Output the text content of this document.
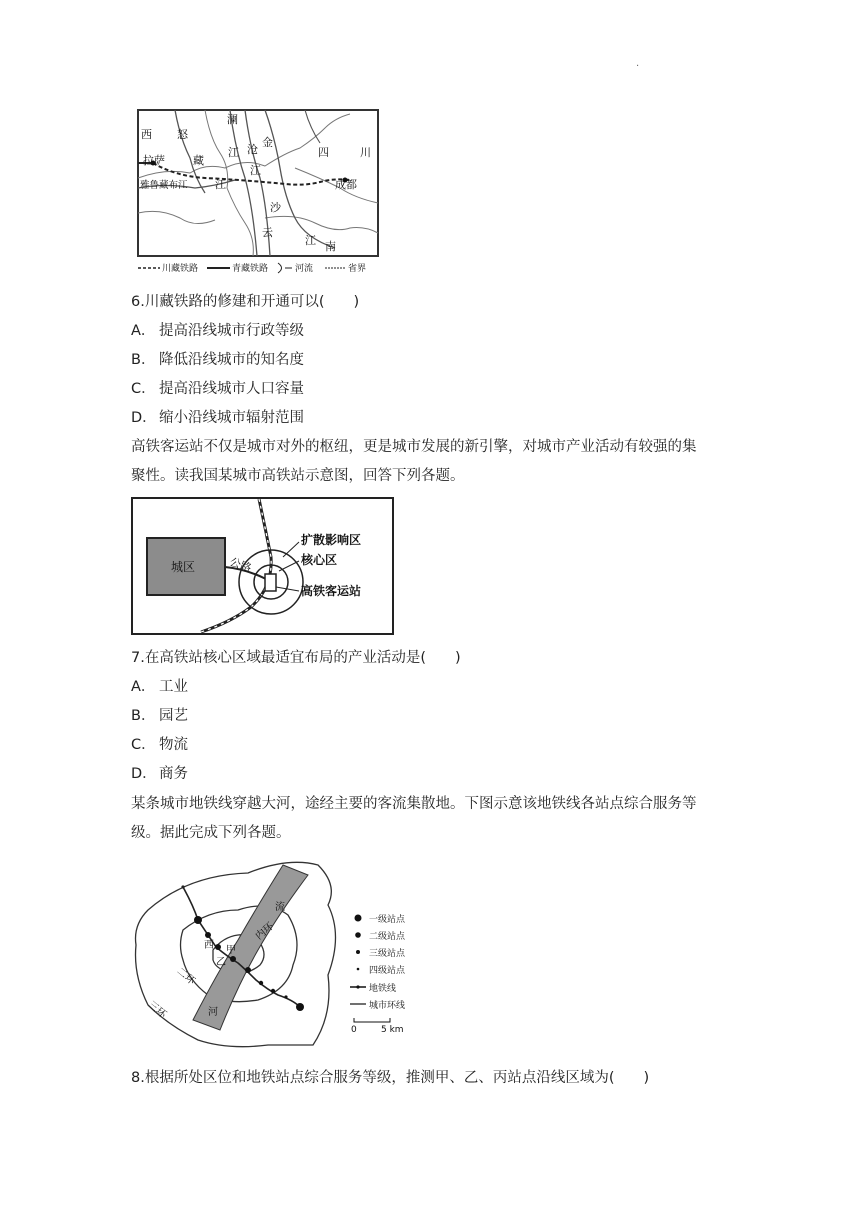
.
西 怒
澜
拉萨	藏
江 沧
金
四	川
雅鲁藏布江 江
江
成都
沙
云
江 南
川藏铁路	青藏铁路	河流	省界
6.川藏铁路的修建和开通可以(　　)
A． 提高沿线城市行政等级
B． 降低沿线城市的知名度
C． 提高沿线城市人口容量
D． 缩小沿线城市辐射范围
高铁客运站不仅是城市对外的枢纽，更是城市发展的新引擎，对城市产业活动有较强的集
聚性。读我国某城市高铁站示意图，回答下列各题。
城区	公路
扩散影响区
核心区
高铁客运站
7.在高铁站核心区域最适宜布局的产业活动是(　　)
A． 工业
B． 园艺
C． 物流
D． 商务
某条城市地铁线穿越大河，途经主要的客流集散地。下图示意该地铁线各站点综合服务等
级。据此完成下列各题。
西 甲
乙
内环
二环
三环
流
河
一级站点
二级站点
三级站点
四级站点
地铁线
城市环线
0	5 km
8.根据所处区位和地铁站点综合服务等级，推测甲、乙、丙站点沿线区域为(　　)
